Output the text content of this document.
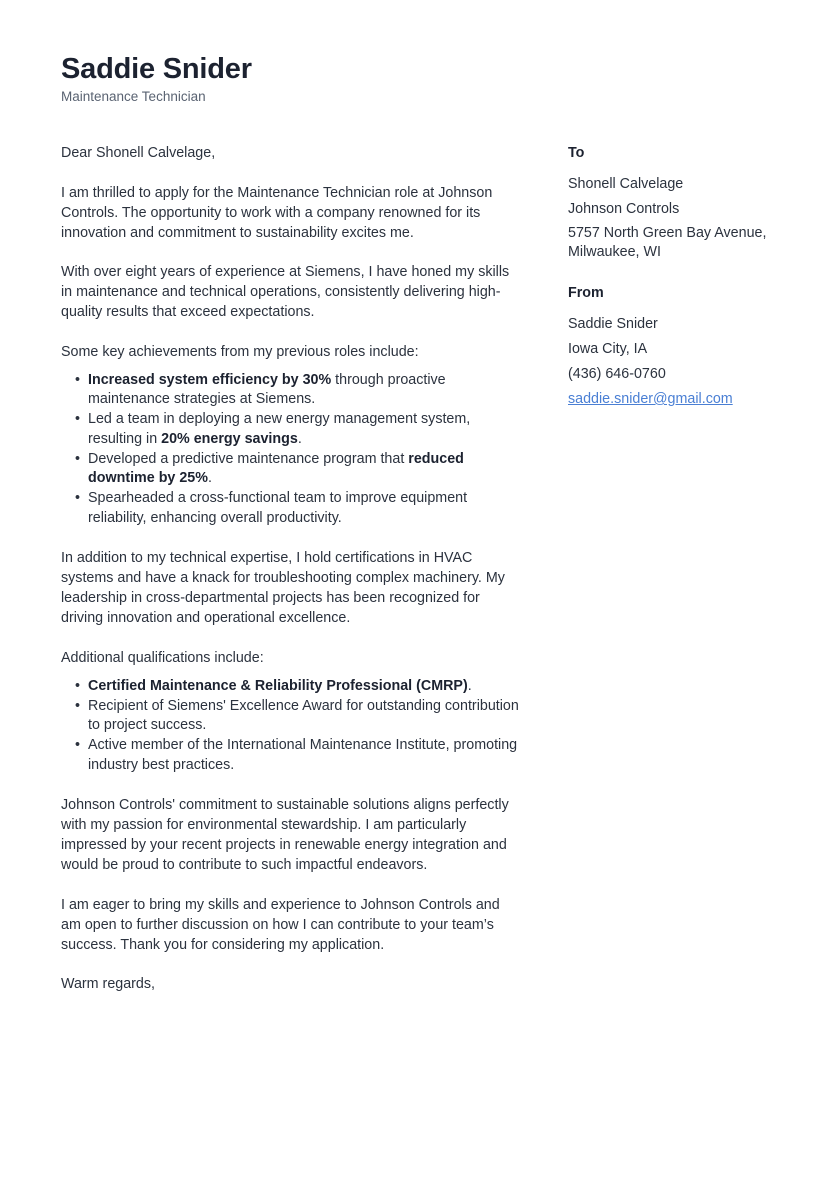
Saddie Snider
Maintenance Technician

Dear Shonell Calvelage,

I am thrilled to apply for the Maintenance Technician role at Johnson Controls. The opportunity to work with a company renowned for its innovation and commitment to sustainability excites me.

With over eight years of experience at Siemens, I have honed my skills in maintenance and technical operations, consistently delivering high-quality results that exceed expectations.

Some key achievements from my previous roles include:

• Increased system efficiency by 30% through proactive maintenance strategies at Siemens.
• Led a team in deploying a new energy management system, resulting in 20% energy savings.
• Developed a predictive maintenance program that reduced downtime by 25%.
• Spearheaded a cross-functional team to improve equipment reliability, enhancing overall productivity.

In addition to my technical expertise, I hold certifications in HVAC systems and have a knack for troubleshooting complex machinery. My leadership in cross-departmental projects has been recognized for driving innovation and operational excellence.

Additional qualifications include:

• Certified Maintenance & Reliability Professional (CMRP).
• Recipient of Siemens' Excellence Award for outstanding contribution to project success.
• Active member of the International Maintenance Institute, promoting industry best practices.

Johnson Controls' commitment to sustainable solutions aligns perfectly with my passion for environmental stewardship. I am particularly impressed by your recent projects in renewable energy integration and would be proud to contribute to such impactful endeavors.

I am eager to bring my skills and experience to Johnson Controls and am open to further discussion on how I can contribute to your team’s success. Thank you for considering my application.

Warm regards,

To
Shonell Calvelage
Johnson Controls
5757 North Green Bay Avenue, Milwaukee, WI
From
Saddie Snider
Iowa City, IA
(436) 646-0760
saddie.snider@gmail.com
